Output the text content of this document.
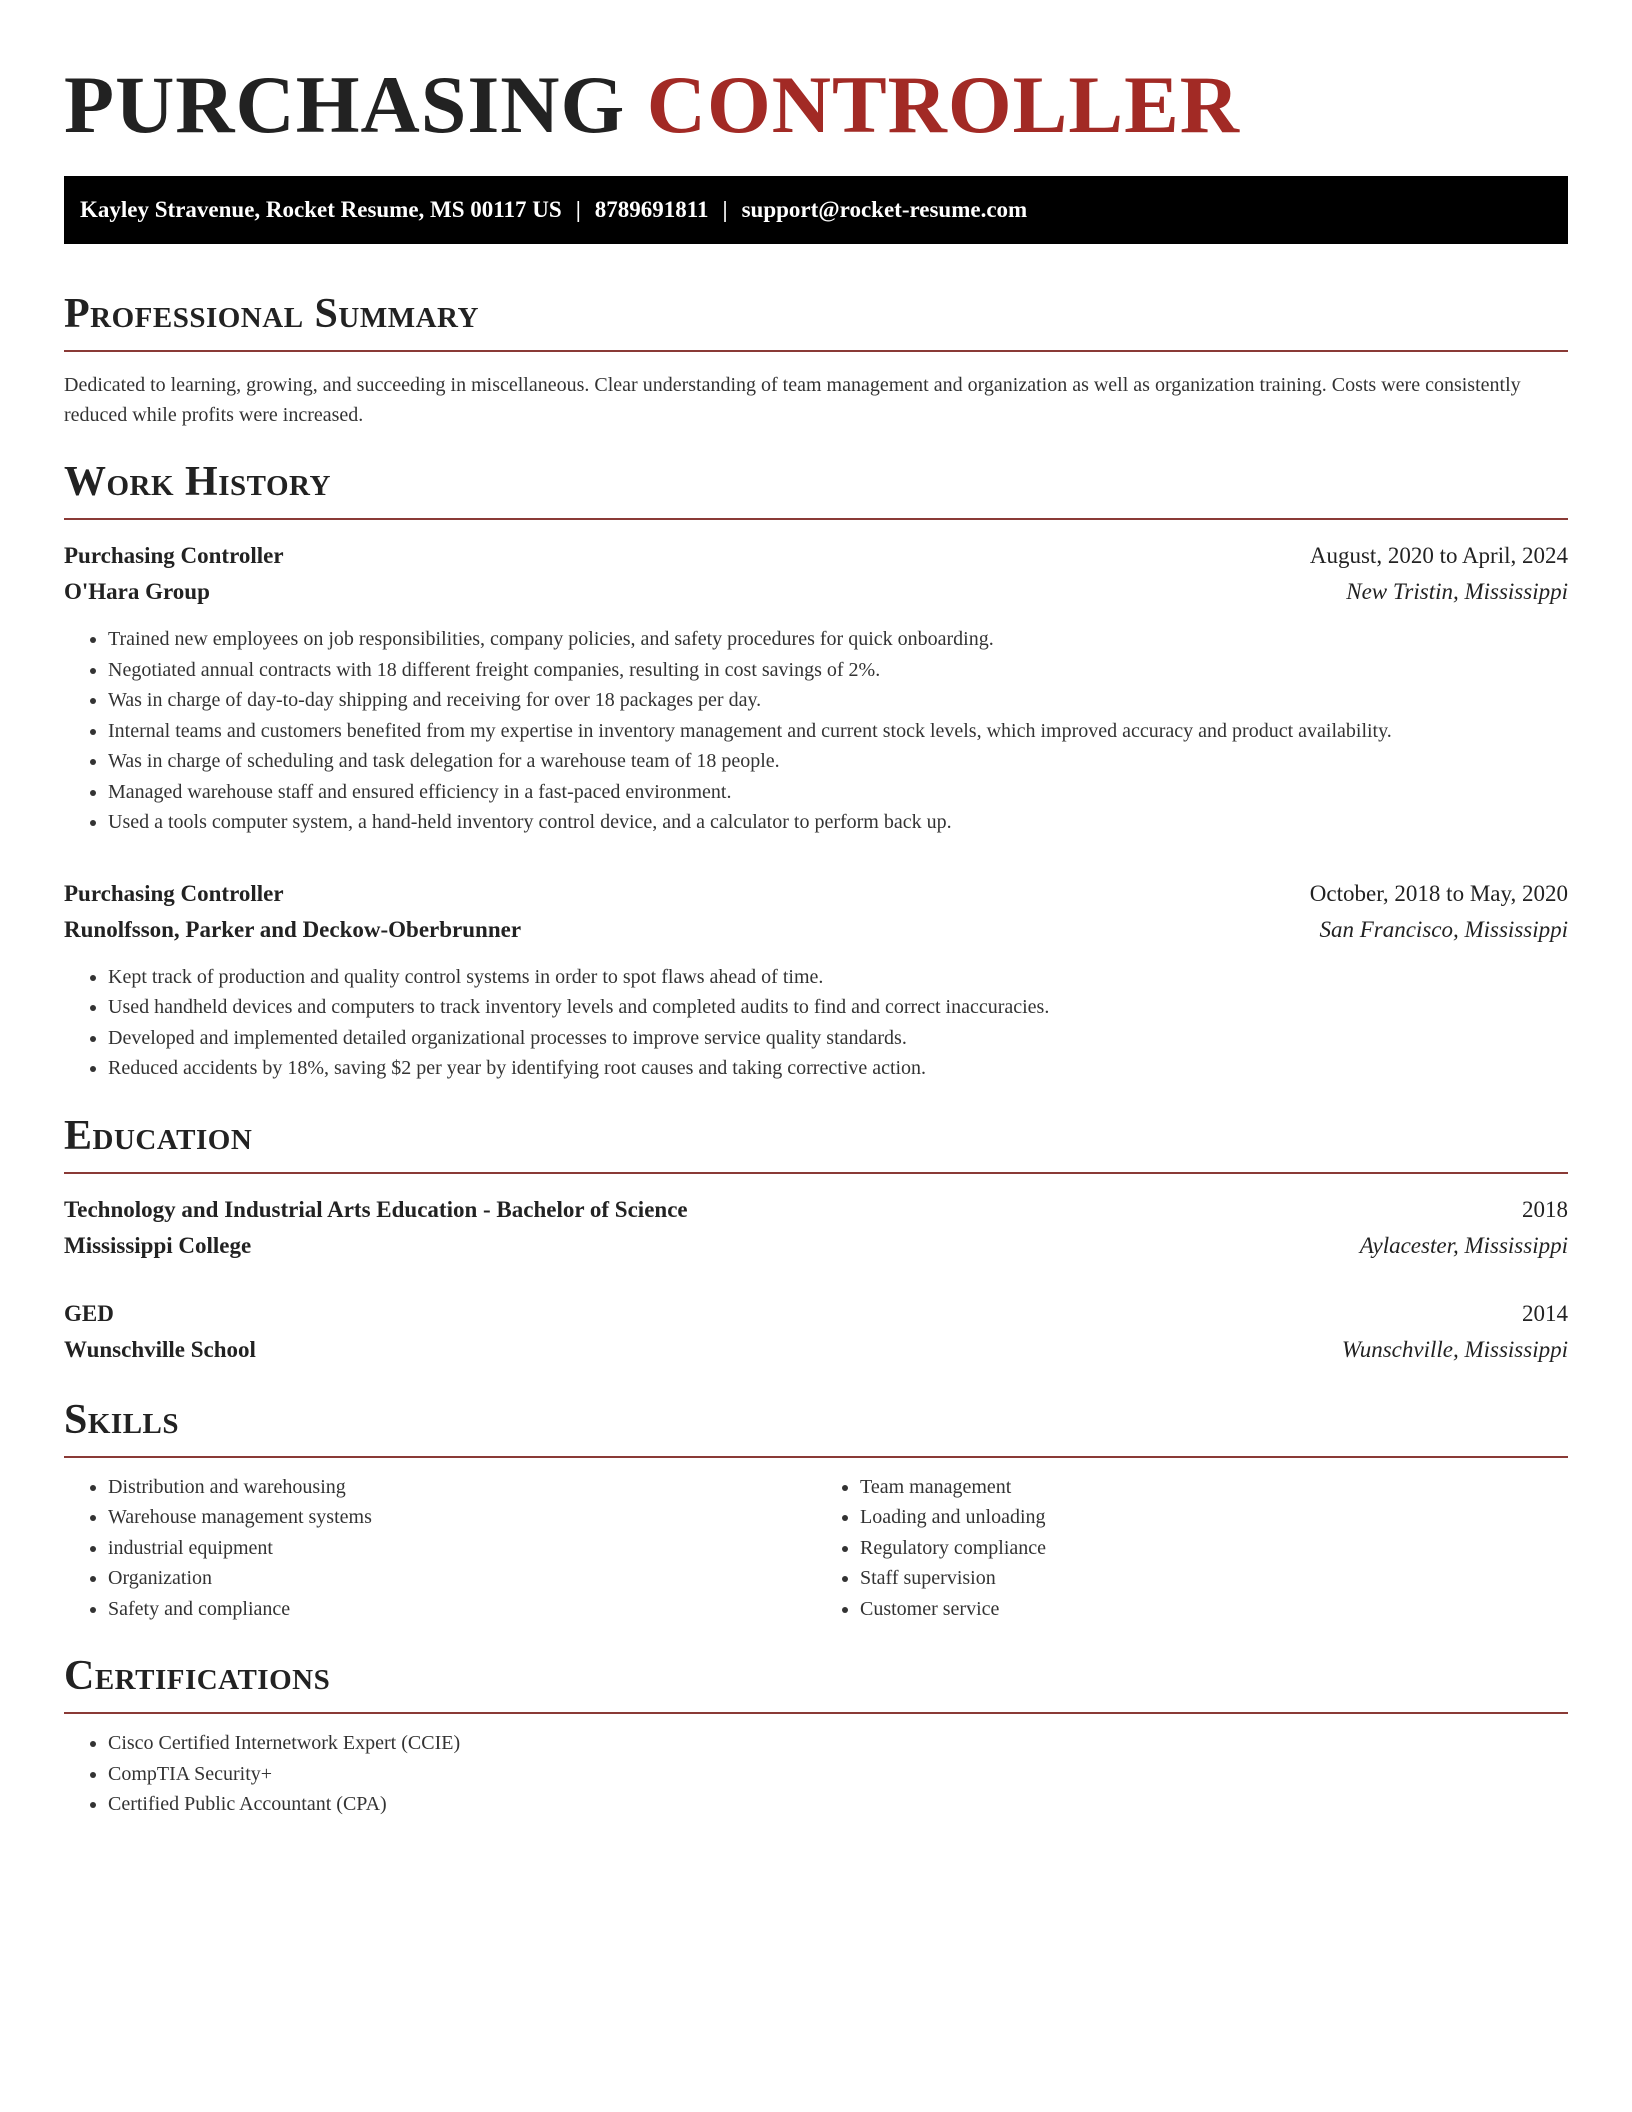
PURCHASING CONTROLLER
Kayley Stravenue, Rocket Resume, MS 00117 US | 8789691811 | support@rocket-resume.com
Professional Summary

Dedicated to learning, growing, and succeeding in miscellaneous. Clear understanding of team management and organization as well as organization training. Costs were consistently reduced while profits were increased.

Work History
Purchasing Controller	August, 2020 to April, 2024
O'Hara Group	New Tristin, Mississippi
• Trained new employees on job responsibilities, company policies, and safety procedures for quick onboarding.
• Negotiated annual contracts with 18 different freight companies, resulting in cost savings of 2%.
• Was in charge of day-to-day shipping and receiving for over 18 packages per day.
• Internal teams and customers benefited from my expertise in inventory management and current stock levels, which improved accuracy and product availability.
• Was in charge of scheduling and task delegation for a warehouse team of 18 people.
• Managed warehouse staff and ensured efficiency in a fast-paced environment.
• Used a tools computer system, a hand-held inventory control device, and a calculator to perform back up.
Purchasing Controller	October, 2018 to May, 2020
Runolfsson, Parker and Deckow-Oberbrunner	San Francisco, Mississippi
• Kept track of production and quality control systems in order to spot flaws ahead of time.
• Used handheld devices and computers to track inventory levels and completed audits to find and correct inaccuracies.
• Developed and implemented detailed organizational processes to improve service quality standards.
• Reduced accidents by 18%, saving $2 per year by identifying root causes and taking corrective action.
Education
Technology and Industrial Arts Education - Bachelor of Science	2018
Mississippi College	Aylacester, Mississippi
GED	2014
Wunschville School	Wunschville, Mississippi
Skills
• Distribution and warehousing
• Warehouse management systems
• industrial equipment
• Organization
• Safety and compliance
• Team management
• Loading and unloading
• Regulatory compliance
• Staff supervision
• Customer service
Certifications
• Cisco Certified Internetwork Expert (CCIE)
• CompTIA Security+
• Certified Public Accountant (CPA)
